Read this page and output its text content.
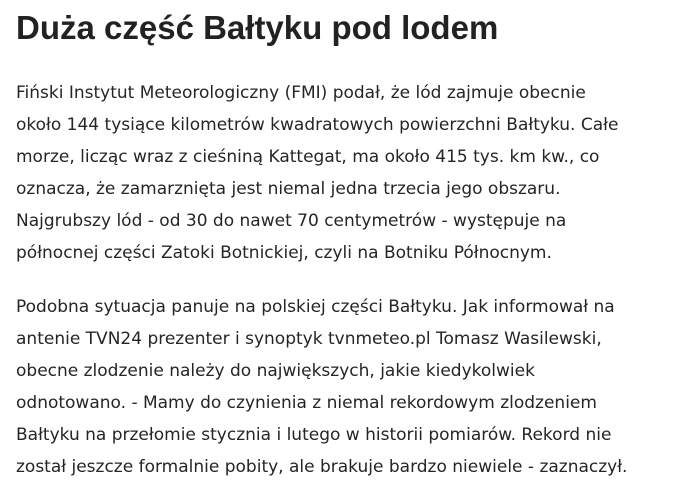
Duża część Bałtyku pod lodem

Fiński Instytut Meteorologiczny (FMI) podał, że lód zajmuje obecnie
około 144 tysiące kilometrów kwadratowych powierzchni Bałtyku. Całe
morze, licząc wraz z cieśniną Kattegat, ma około 415 tys. km kw., co
oznacza, że zamarznięta jest niemal jedna trzecia jego obszaru.
Najgrubszy lód - od 30 do nawet 70 centymetrów - występuje na
północnej części Zatoki Botnickiej, czyli na Botniku Północnym.

Podobna sytuacja panuje na polskiej części Bałtyku. Jak informował na
antenie TVN24 prezenter i synoptyk tvnmeteo.pl Tomasz Wasilewski,
obecne zlodzenie należy do największych, jakie kiedykolwiek
odnotowano. - Mamy do czynienia z niemal rekordowym zlodzeniem
Bałtyku na przełomie stycznia i lutego w historii pomiarów. Rekord nie
został jeszcze formalnie pobity, ale brakuje bardzo niewiele - zaznaczył.
